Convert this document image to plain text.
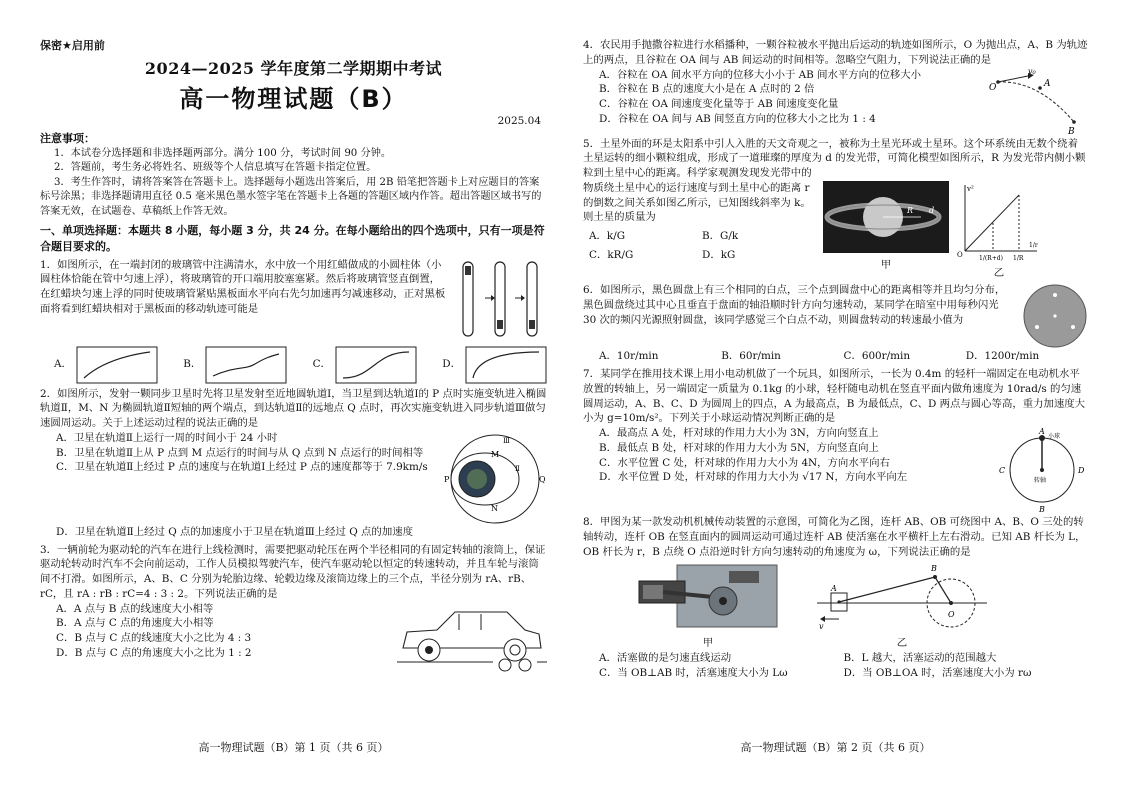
保密★启用前
2024—2025 学年度第二学期期中考试
高一物理试题（B）
2025.04
注意事项：

1．本试卷分选择题和非选择题两部分。满分 100 分，考试时间 90 分钟。

2．答题前，考生务必将姓名、班级等个人信息填写在答题卡指定位置。

3．考生作答时，请将答案答在答题卡上。选择题每小题选出答案后，用 2B 铅笔把答题卡上对应题目的答案标号涂黑；非选择题请用直径 0.5 毫米黑色墨水签字笔在答题卡上各题的答题区域内作答。超出答题区域书写的答案无效，在试题卷、草稿纸上作答无效。

一、单项选择题：本题共 8 小题，每小题 3 分，共 24 分。在每小题给出的四个选项中，只有一项是符合题目要求的。
1．如图所示，在一端封闭的玻璃管中注满清水，水中放一个用红蜡做成的小圆柱体（小圆柱体恰能在管中匀速上浮），将玻璃管的开口端用胶塞塞紧。然后将玻璃管竖直倒置，在红蜡块匀速上浮的同时使玻璃管紧贴黑板面水平向右先匀加速再匀减速移动，正对黑板面将看到红蜡块相对于黑板面的移动轨迹可能是
A．	B．	C．	D．
2．如图所示，发射一颗同步卫星时先将卫星发射至近地圆轨道Ⅰ，当卫星到达轨道Ⅰ的 P 点时实施变轨进入椭圆轨道Ⅱ，M、N 为椭圆轨道Ⅱ短轴的两个端点，到达轨道Ⅱ的远地点 Q 点时，再次实施变轨进入同步轨道Ⅲ做匀速圆周运动。关于上述运动过程的说法正确的是
A．卫星在轨道Ⅱ上运行一周的时间小于 24 小时
B．卫星在轨道Ⅱ上从 P 点到 M 点运行的时间与从 Q 点到 N 点运行的时间相等
C．卫星在轨道Ⅱ上经过 P 点的速度与在轨道Ⅰ上经过 P 点的速度都等于 7.9km/s
M
N
P	Q
Ⅲ
Ⅱ
D．卫星在轨道Ⅱ上经过 Q 点的加速度小于卫星在轨道Ⅲ上经过 Q 点的加速度
3．一辆前轮为驱动轮的汽车在进行上线检测时，需要把驱动轮压在两个半径相同的有固定转轴的滚筒上，保证驱动轮转动时汽车不会向前运动，工作人员模拟驾驶汽车，使汽车驱动轮以恒定的转速转动，并且车轮与滚筒间不打滑。如图所示，A、B、C 分别为轮胎边缘、轮毂边缘及滚筒边缘上的三个点，半径分别为 rA、rB、rC，且 rA : rB : rC=4 : 3 : 2。下列说法正确的是
A．A 点与 B 点的线速度大小相等
B．A 点与 C 点的角速度大小相等
C．B 点与 C 点的线速度大小之比为 4 : 3
D．B 点与 C 点的角速度大小之比为 1 : 2
高一物理试题（B）第 1 页（共 6 页）
4．农民用手抛撒谷粒进行水稻播种，一颗谷粒被水平抛出后运动的轨迹如图所示，O 为抛出点，A、B 为轨迹上的两点，且谷粒在 OA 间与 AB 间运动的时间相等。忽略空气阻力，下列说法正确的是
A．谷粒在 OA 间水平方向的位移大小小于 AB 间水平方向的位移大小
B．谷粒在 B 点的速度大小是在 A 点时的 2 倍
C．谷粒在 OA 间速度变化量等于 AB 间速度变化量
D．谷粒在 OA 间与 AB 间竖直方向的位移大小之比为 1 : 4
O
v₀
A
B
5．土星外面的环是太阳系中引人入胜的天文奇观之一，被称为土星光环或土星环。这个环系统由无数个绕着土星运转的细小颗粒组成，形成了一道璀璨的厚度为 d 的发光带，可简化模型如图所示，R 为发光带内侧小颗粒到土星中心的距离。科学家观测发现发光带中的
物质绕土星中心的运行速度与到土星中心的距离 r 的倒数之间关系如图乙所示，已知图线斜率为 k。则土星的质量为
A．k/G	B．G/k
C．kR/G	D．kG
R d
甲
v²
O	1/(R+d) 1/R
1/r
乙
6．如图所示，黑色圆盘上有三个相同的白点，三个点到圆盘中心的距离相等并且均匀分布，黑色圆盘绕过其中心且垂直于盘面的轴沿顺时针方向匀速转动，某同学在暗室中用每秒闪光 30 次的频闪光源照射圆盘，该同学感觉三个白点不动，则圆盘转动的转速最小值为
A．10r/min	B．60r/min	C．600r/min	D．1200r/min
7．某同学在推用技术课上用小电动机做了一个玩具，如图所示，一长为 0.4m 的轻杆一端固定在电动机水平放置的转轴上，另一端固定一质量为 0.1kg 的小球，轻杆随电动机在竖直平面内做角速度为 10rad/s 的匀速圆周运动，A、B、C、D 为圆周上的四点，A 为最高点，B 为最低点，C、D 两点与圆心等高，重力加速度大小为 g=10m/s²。下列关于小球运动情况判断正确的是
A．最高点 A 处，杆对球的作用力大小为 3N，方向向竖直上
B．最低点 B 处，杆对球的作用力大小为 5N，方向竖直向上
C．水平位置 C 处，杆对球的作用力大小为 4N，方向水平向右
D．水平位置 D 处，杆对球的作用力大小为 √17 N，方向水平向左
A
小球
C	D
B
转轴
8．甲图为某一款发动机机械传动装置的示意图，可简化为乙图，连杆 AB、OB 可绕图中 A、B、O 三处的转轴转动，连杆 OB 在竖直面内的圆周运动可通过连杆 AB 使活塞在水平横杆上左右滑动。已知 AB 杆长为 L，OB 杆长为 r，B 点绕 O 点沿逆时针方向匀速转动的角速度为 ω，下列说法正确的是
甲
A
B
O
v
乙
A．活塞做的是匀速直线运动	B．L 越大，活塞运动的范围越大
C．当 OB⊥AB 时，活塞速度大小为 Lω	D．当 OB⊥OA 时，活塞速度大小为 rω
高一物理试题（B）第 2 页（共 6 页）
